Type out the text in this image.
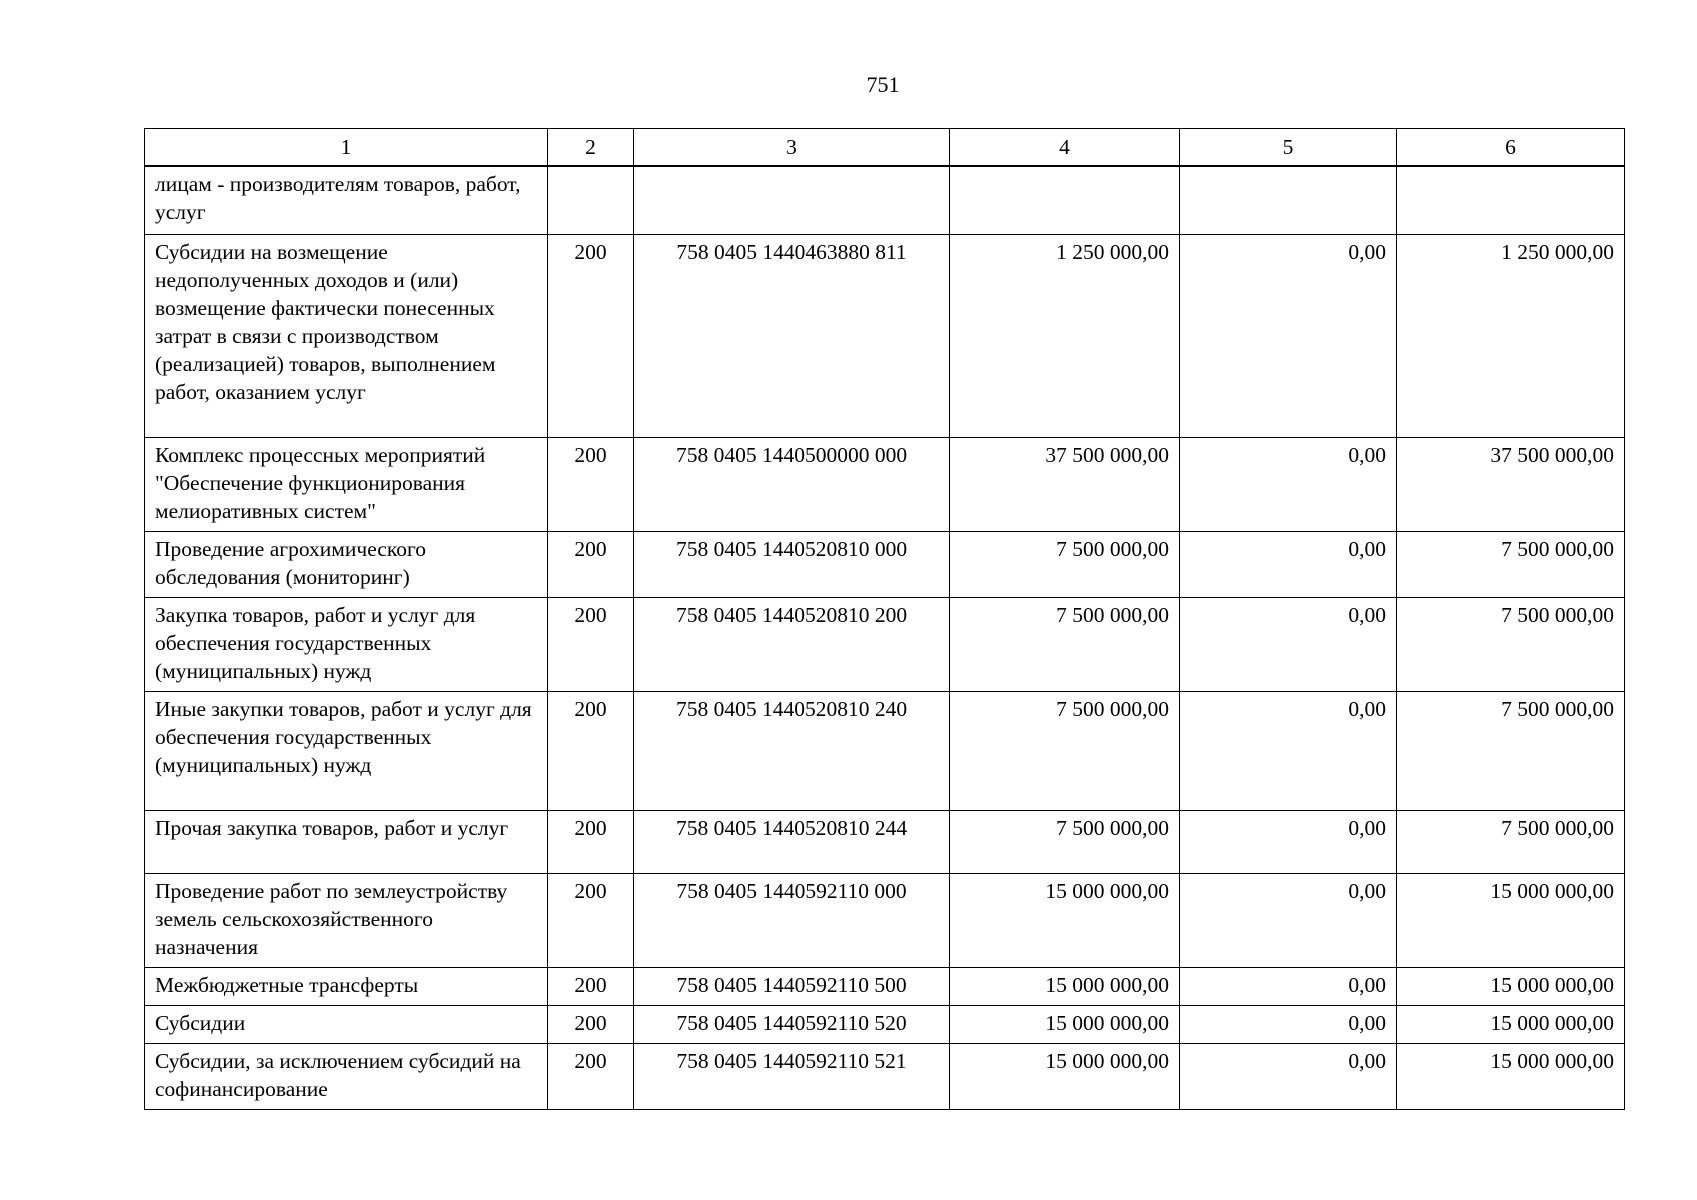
751
1	2	3	4	5	6
лицам - производителям товаров, работ, услуг					
Субсидии на возмещение недополученных доходов и (или) возмещение фактически понесенных затрат в связи с производством (реализацией) товаров, выполнением работ, оказанием услуг	200	758 0405 1440463880 811	1 250 000,00	0,00	1 250 000,00
Комплекс процессных мероприятий "Обеспечение функционирования мелиоративных систем"	200	758 0405 1440500000 000	37 500 000,00	0,00	37 500 000,00
Проведение агрохимического обследования (мониторинг)	200	758 0405 1440520810 000	7 500 000,00	0,00	7 500 000,00
Закупка товаров, работ и услуг для обеспечения государственных (муниципальных) нужд	200	758 0405 1440520810 200	7 500 000,00	0,00	7 500 000,00
Иные закупки товаров, работ и услуг для обеспечения государственных (муниципальных) нужд	200	758 0405 1440520810 240	7 500 000,00	0,00	7 500 000,00
Прочая закупка товаров, работ и услуг	200	758 0405 1440520810 244	7 500 000,00	0,00	7 500 000,00
Проведение работ по землеустройству земель сельскохозяйственного назначения	200	758 0405 1440592110 000	15 000 000,00	0,00	15 000 000,00
Межбюджетные трансферты	200	758 0405 1440592110 500	15 000 000,00	0,00	15 000 000,00
Субсидии	200	758 0405 1440592110 520	15 000 000,00	0,00	15 000 000,00
Субсидии, за исключением субсидий на софинансирование	200	758 0405 1440592110 521	15 000 000,00	0,00	15 000 000,00
